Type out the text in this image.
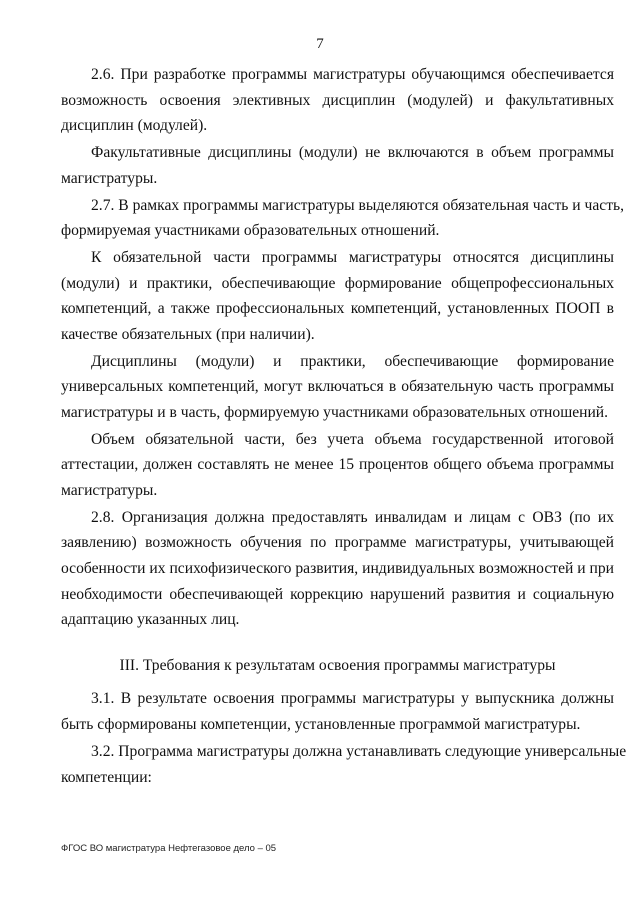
7
2.6. При разработке программы магистратуры обучающимся обеспечивается
возможность освоения элективных дисциплин (модулей) и факультативных
дисциплин (модулей).
Факультативные дисциплины (модули) не включаются в объем программы
магистратуры.
2.7. В рамках программы магистратуры выделяются обязательная часть и часть,
формируемая участниками образовательных отношений.
К обязательной части программы магистратуры относятся дисциплины
(модули) и практики, обеспечивающие формирование общепрофессиональных
компетенций, а также профессиональных компетенций, установленных ПООП в
качестве обязательных (при наличии).
Дисциплины (модули) и практики, обеспечивающие формирование
универсальных компетенций, могут включаться в обязательную часть программы
магистратуры и в часть, формируемую участниками образовательных отношений.
Объем обязательной части, без учета объема государственной итоговой
аттестации, должен составлять не менее 15 процентов общего объема программы
магистратуры.
2.8. Организация должна предоставлять инвалидам и лицам с ОВЗ (по их
заявлению) возможность обучения по программе магистратуры, учитывающей
особенности их психофизического развития, индивидуальных возможностей и при
необходимости обеспечивающей коррекцию нарушений развития и социальную
адаптацию указанных лиц.
III. Требования к результатам освоения программы магистратуры
3.1. В результате освоения программы магистратуры у выпускника должны
быть сформированы компетенции, установленные программой магистратуры.
3.2. Программа магистратуры должна устанавливать следующие универсальные
компетенции:
ФГОС ВО магистратура Нефтегазовое дело – 05
